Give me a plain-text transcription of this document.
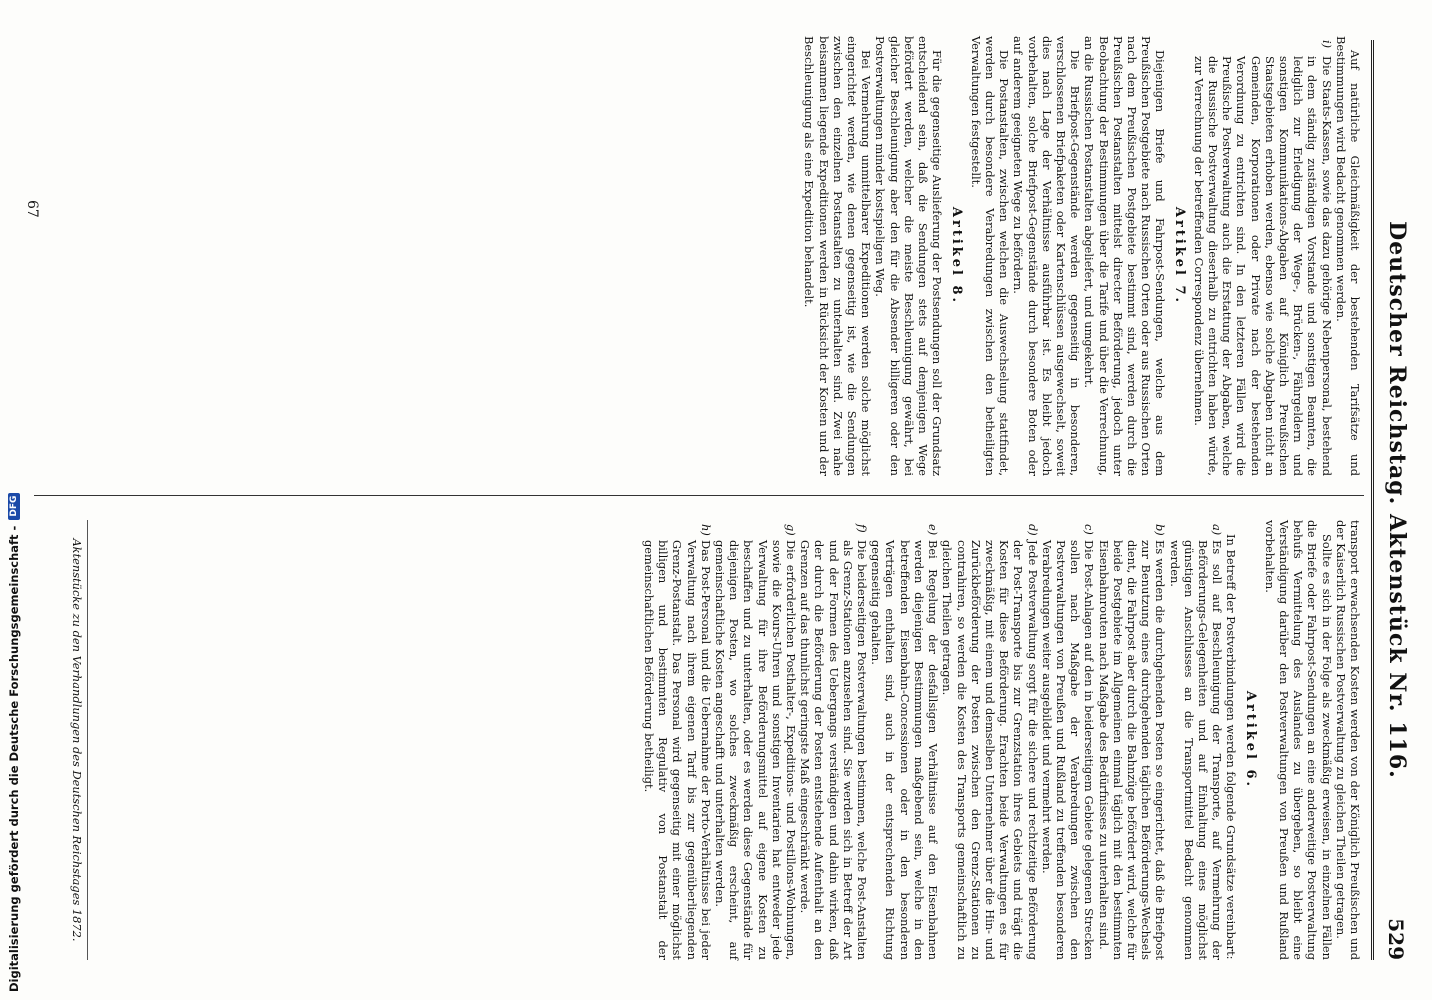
Deutscher Reichstag. Aktenstück Nr. 116.
529

Auf natürliche Gleichmäßigkeit der bestehenden Tarifsätze und Bestimmungen wird Bedacht genommen werden.

i)
Die Staats-Kassen, sowie das dazu gehörige Nebenpersonal, bestehend in dem ständig zuständigen Vorstande und sonstigen Beamten, die lediglich zur Erledigung der Wege-, Brücken-, Fährgeldern und sonstigen Kommunikations-Abgaben auf Königlich Preußischen Staatsgebieten erhoben werden, ebenso wie solche Abgaben nicht an Gemeinden, Korporationen oder Private nach der bestehenden Verordnung zu entrichten sind. In den letzteren Fällen wird die Preußische Postverwaltung auch die Erstattung der Abgaben, welche die Russische Postverwaltung dieserhalb zu entrichten haben würde, zur Verrechnung der betreffenden Correspondenz übernehmen.

Artikel 7.

Diejenigen Briefe und Fahrpost-Sendungen, welche aus dem Preußischen Postgebiete nach Russischen Orten oder aus Russischen Orten nach dem Preußischen Postgebiete bestimmt sind, werden durch die Preußischen Postanstalten mittelst directer Beförderung, jedoch unter Beobachtung der Bestimmungen über die Tarife und über die Verrechnung, an die Russischen Postanstalten abgeliefert, und umgekehrt.

Die Briefpost-Gegenstände werden gegenseitig in besonderen, verschlossenen Briefpaketen oder Kartenschlüssen ausgewechselt, soweit dies nach Lage der Verhältnisse ausführbar ist. Es bleibt jedoch vorbehalten, solche Briefpost-Gegenstände durch besondere Boten oder auf anderem geeigneten Wege zu befördern.

Die Postanstalten, zwischen welchen die Auswechselung stattfindet, werden durch besondere Verabredungen zwischen den betheiligten Verwaltungen festgestellt.

Artikel 8.

Für die gegenseitige Auslieferung der Postsendungen soll der Grundsatz entscheidend sein, daß die Sendungen stets auf demjenigen Wege befördert werden, welcher die meiste Beschleunigung gewährt, bei gleicher Beschleunigung aber den für die Absender billigeren oder den Postverwaltungen minder kostspieligen Weg.

Bei Vermehrung unmittelbarer Expeditionen werden solche möglichst eingerichtet werden, wie denen gegenseitig ist, wie die Sendungen zwischen den einzelnen Postanstalten zu unterhalten sind. Zwei nahe beisammen liegende Expeditionen werden in Rücksicht der Kosten und der Beschleunigung als eine Expedition behandelt.

transport erwachsenden Kosten werden von der Königlich Preußischen und der Kaiserlich Russischen Postverwaltung zu gleichen Theilen getragen.

Sollte es sich in der Folge als zweckmäßig erweisen, in einzelnen Fällen die Briefe oder Fahrpost-Sendungen an eine anderweitige Postverwaltung behufs Vermittelung des Auslandes zu übergeben, so bleibt eine Verständigung darüber den Postverwaltungen von Preußen und Rußland vorbehalten.

Artikel 6.

In Betreff der Postverbindungen werden folgende Grundsätze vereinbart:

a)
Es soll auf Beschleunigung der Transporte, auf Vermehrung der Beförderungs-Gelegenheiten und auf Einhaltung eines möglichst günstigen Anschlusses an die Transportmittel Bedacht genommen werden.

b)
Es werden die durchgehenden Posten so eingerichtet, daß die Briefpost zur Benutzung eines durchgehenden täglichen Beförderungs-Wechsels dient, die Fahrpost aber durch die Bahnzüge befördert wird, welche für beide Postgebiete im Allgemeinen einmal täglich mit den bestimmten Eisenbahnrouten nach Maßgabe des Bedürfnisses zu unterhalten sind.

c)
Die Post-Anlagen auf den in beiderseitigem Gebiete gelegenen Strecken sollen nach Maßgabe der Verabredungen zwischen den Postverwaltungen von Preußen und Rußland zu treffenden besonderen Verabredungen weiter ausgebildet und vermehrt werden.

d)
Jede Postverwaltung sorgt für die sichere und rechtzeitige Beförderung der Post-Transporte bis zur Grenzstation ihres Gebiets und trägt die Kosten für diese Beförderung. Erachten beide Verwaltungen es für zweckmäßig, mit einem und demselben Unternehmer über die Hin- und Zurückbeförderung der Posten zwischen den Grenz-Stationen zu contrahiren, so werden die Kosten des Transports gemeinschaftlich zu gleichen Theilen getragen.

e)
Bei Regelung der desfallsigen Verhältnisse auf den Eisenbahnen werden diejenigen Bestimmungen maßgebend sein, welche in den betreffenden Eisenbahn-Concessionen oder in den besonderen Verträgen enthalten sind, auch in der entsprechenden Richtung gegenseitig gehalten.

f)
Die beiderseitigen Postverwaltungen bestimmen, welche Post-Anstalten als Grenz-Stationen anzusehen sind. Sie werden sich in Betreff der Art und der Formen des Uebergangs verständigen und dahin wirken, daß der durch die Beförderung der Posten entstehende Aufenthalt an den Grenzen auf das thunlichst geringste Maß eingeschränkt werde.

g)
Die erforderlichen Posthalter-, Expeditions- und Postillons-Wohnungen, sowie die Kours-Uhren und sonstigen Inventarien hat entweder jede Verwaltung für ihre Beförderungsmittel auf eigene Kosten zu beschaffen und zu unterhalten, oder es werden diese Gegenstände für diejenigen Posten, wo solches zweckmäßig erscheint, auf gemeinschaftliche Kosten angeschafft und unterhalten werden.

h)
Das Post-Personal und die Uebernahme der Porto-Verhältnisse bei jeder Verwaltung nach ihrem eigenen Tarif bis zur gegenüberliegenden Grenz-Postanstalt. Das Personal wird gegenseitig mit einer möglichst billigen und bestimmten Regulativ von Postanstalt der gemeinschaftlichen Beförderung betheiligt.

Aktenstücke zu den Verhandlungen des Deutschen Reichstages 1872.
67
Digitalisierung gefördert durch die Deutsche Forschungsgemeinschaft -
DFG
